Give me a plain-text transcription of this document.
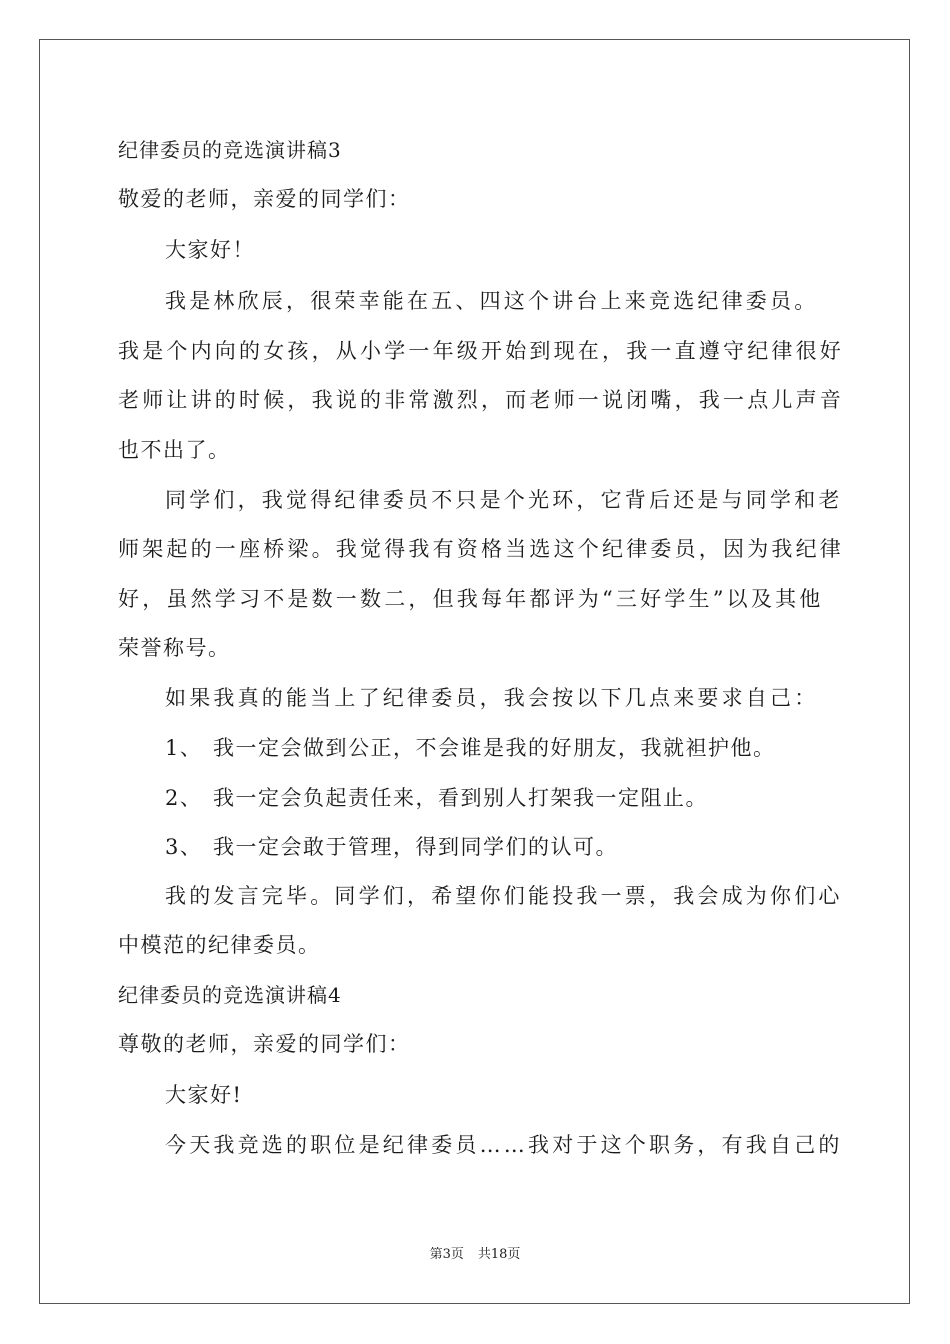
纪律委员的竞选演讲稿3
敬爱的老师，亲爱的同学们：
大家好！
我是林欣辰，很荣幸能在五、四这个讲台上来竞选纪律委员。
我是个内向的女孩，从小学一年级开始到现在，我一直遵守纪律很好
老师让讲的时候，我说的非常激烈，而老师一说闭嘴，我一点儿声音
也不出了。
同学们，我觉得纪律委员不只是个光环，它背后还是与同学和老
师架起的一座桥梁。我觉得我有资格当选这个纪律委员，因为我纪律
好，虽然学习不是数一数二，但我每年都评为“三好学生”以及其他
荣誉称号。
如果我真的能当上了纪律委员，我会按以下几点来要求自己：
1、 我一定会做到公正，不会谁是我的好朋友，我就袒护他。
2、 我一定会负起责任来，看到别人打架我一定阻止。
3、 我一定会敢于管理，得到同学们的认可。
我的发言完毕。同学们，希望你们能投我一票，我会成为你们心
中模范的纪律委员。
纪律委员的竞选演讲稿4
尊敬的老师，亲爱的同学们：
大家好!
今天我竞选的职位是纪律委员……我对于这个职务，有我自己的
第3页 共18页
